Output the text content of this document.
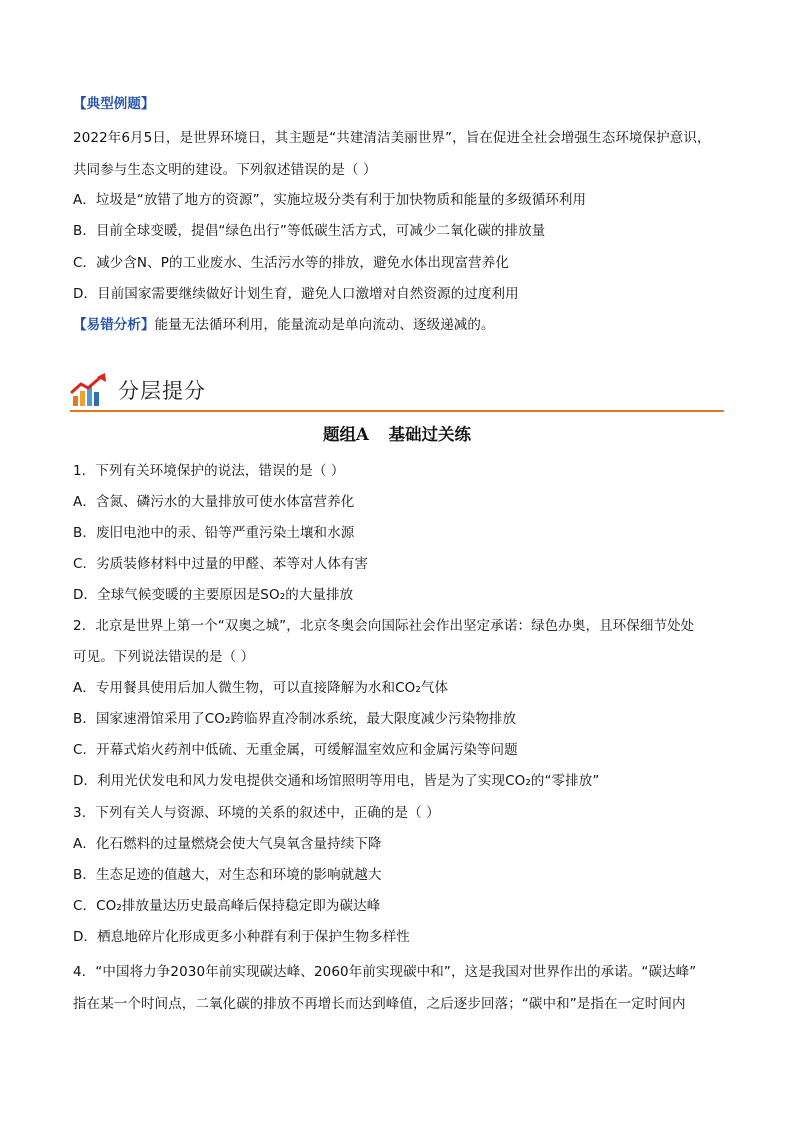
【典型例题】
2022年6月5日，是世界环境日，其主题是“共建清洁美丽世界”，旨在促进全社会增强生态环境保护意识，
共同参与生态文明的建设。下列叙述错误的是（ ）
A．垃圾是“放错了地方的资源”，实施垃圾分类有利于加快物质和能量的多级循环利用
B．目前全球变暖，提倡“绿色出行”等低碳生活方式，可减少二氧化碳的排放量
C．减少含N、P的工业废水、生活污水等的排放，避免水体出现富营养化
D．目前国家需要继续做好计划生育，避免人口激增对自然资源的过度利用
【易错分析】能量无法循环利用，能量流动是单向流动、逐级递减的。
分层提分
题组A 基础过关练
1．下列有关环境保护的说法，错误的是（ ）
A．含氮、磷污水的大量排放可使水体富营养化
B．废旧电池中的汞、铅等严重污染土壤和水源
C．劣质装修材料中过量的甲醛、苯等对人体有害
D．全球气候变暖的主要原因是SO₂的大量排放
2．北京是世界上第一个“双奥之城”，北京冬奥会向国际社会作出坚定承诺：绿色办奥，且环保细节处处
可见。下列说法错误的是（ ）
A．专用餐具使用后加人微生物，可以直接降解为水和CO₂气体
B．国家速滑馆采用了CO₂跨临界直冷制冰系统，最大限度减少污染物排放
C．开幕式焰火药剂中低硫、无重金属，可缓解温室效应和金属污染等问题
D．利用光伏发电和风力发电提供交通和场馆照明等用电，皆是为了实现CO₂的“零排放”
3．下列有关人与资源、环境的关系的叙述中，正确的是（ ）
A．化石燃料的过量燃烧会使大气臭氧含量持续下降
B．生态足迹的值越大，对生态和环境的影响就越大
C．CO₂排放量达历史最高峰后保持稳定即为碳达峰
D．栖息地碎片化形成更多小种群有利于保护生物多样性
4．“中国将力争2030年前实现碳达峰、2060年前实现碳中和”，这是我国对世界作出的承诺。“碳达峰”
指在某一个时间点，二氧化碳的排放不再增长而达到峰值，之后逐步回落；“碳中和”是指在一定时间内
